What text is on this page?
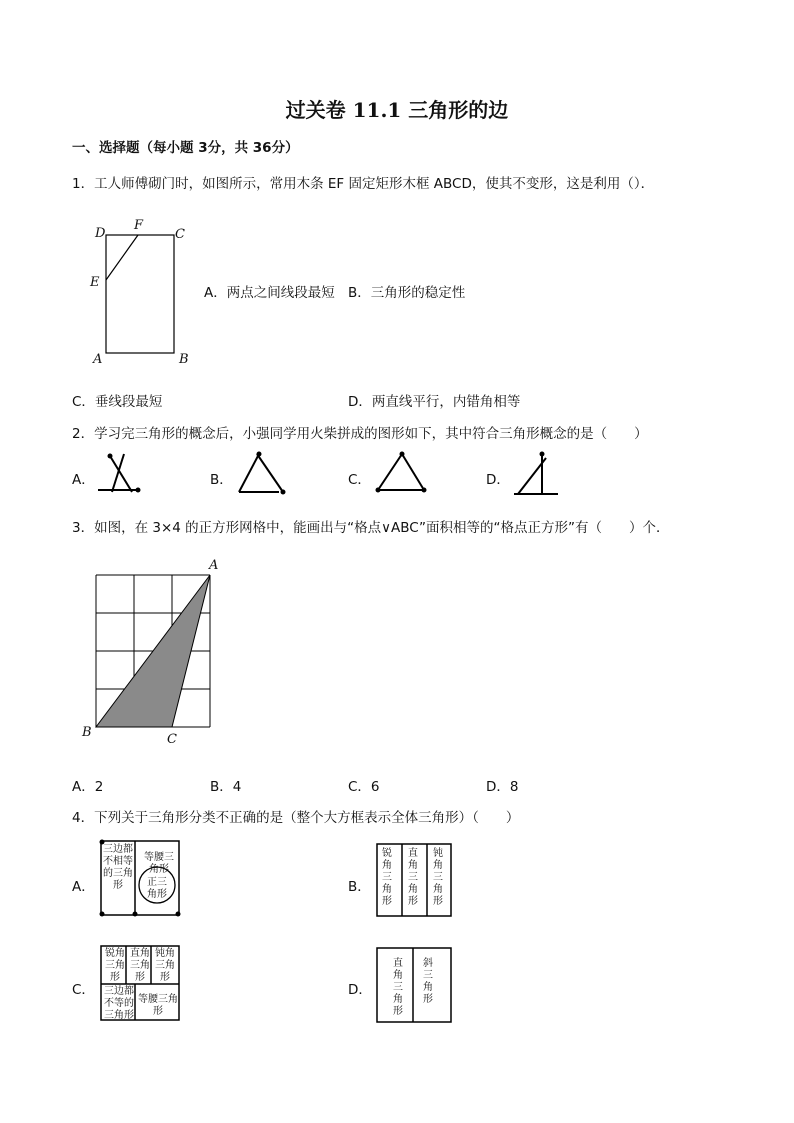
过关卷 11.1 三角形的边
一、选择题（每小题 3分，共 36分）
1．工人师傅砌门时，如图所示，常用木条 EF 固定矩形木框 ABCD，使其不变形，这是利用（）．
D
F
C
E
A	B
A．两点之间线段最短 B．三角形的稳定性
C．垂线段最短	D．两直线平行，内错角相等
2．学习完三角形的概念后，小强同学用火柴拼成的图形如下，其中符合三角形概念的是（　　）
A．	B．	C．	D．
3．如图，在 3×4 的正方形网格中，能画出与“格点∨ABC”面积相等的“格点正方形”有（　　）个．
A
B	C
A．2	B．4	C．6	D．8
4．下列关于三角形分类不正确的是（整个大方框表示全体三角形）（　　）
A．
三边都不相等的三角形
等腰三角形
正三角形	B．
锐角三角形
直角三角形
钝角三角形
C．
锐角三角形
直角三角形
钝角三角形
三边都不等的三角形
等腰三角形
D．
直角三角形
斜三角形
